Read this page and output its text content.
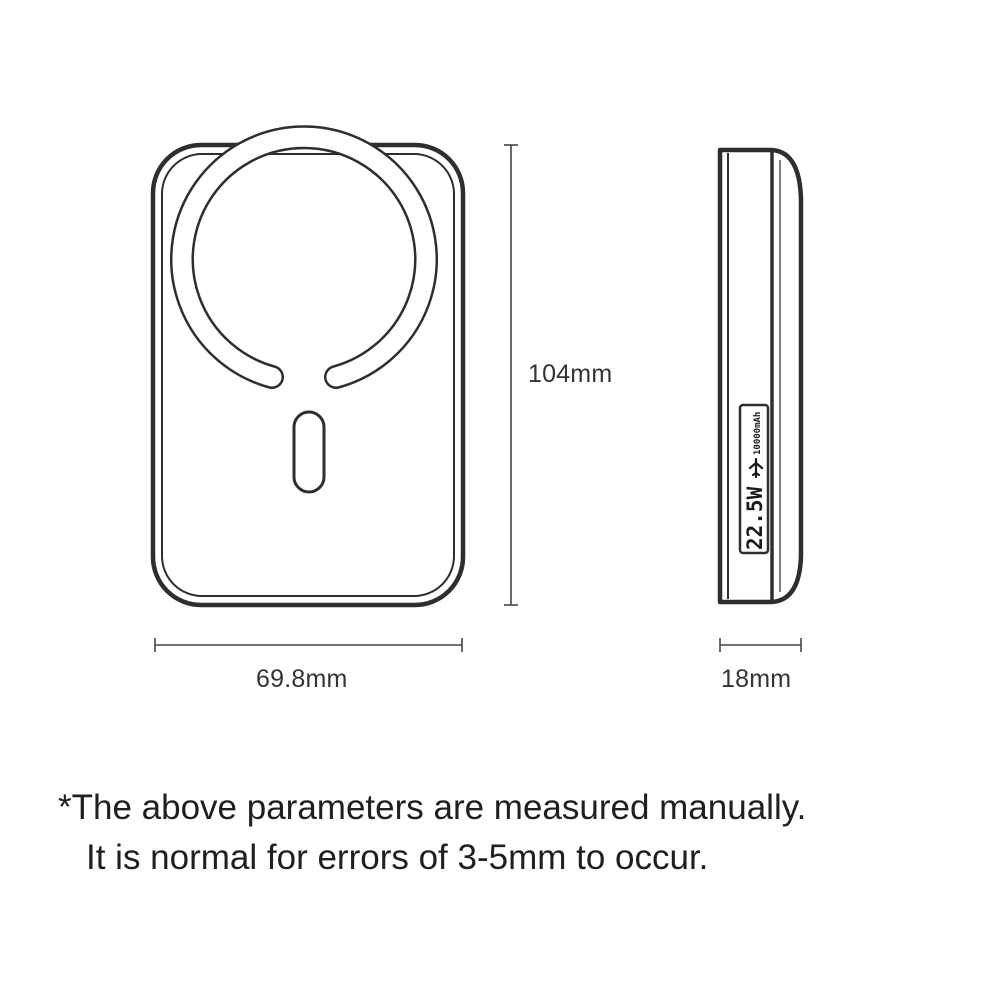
22.5W
10000mAh
104mm
69.8mm	18mm
*The above parameters are measured manually.
It is normal for errors of 3-5mm to occur.
